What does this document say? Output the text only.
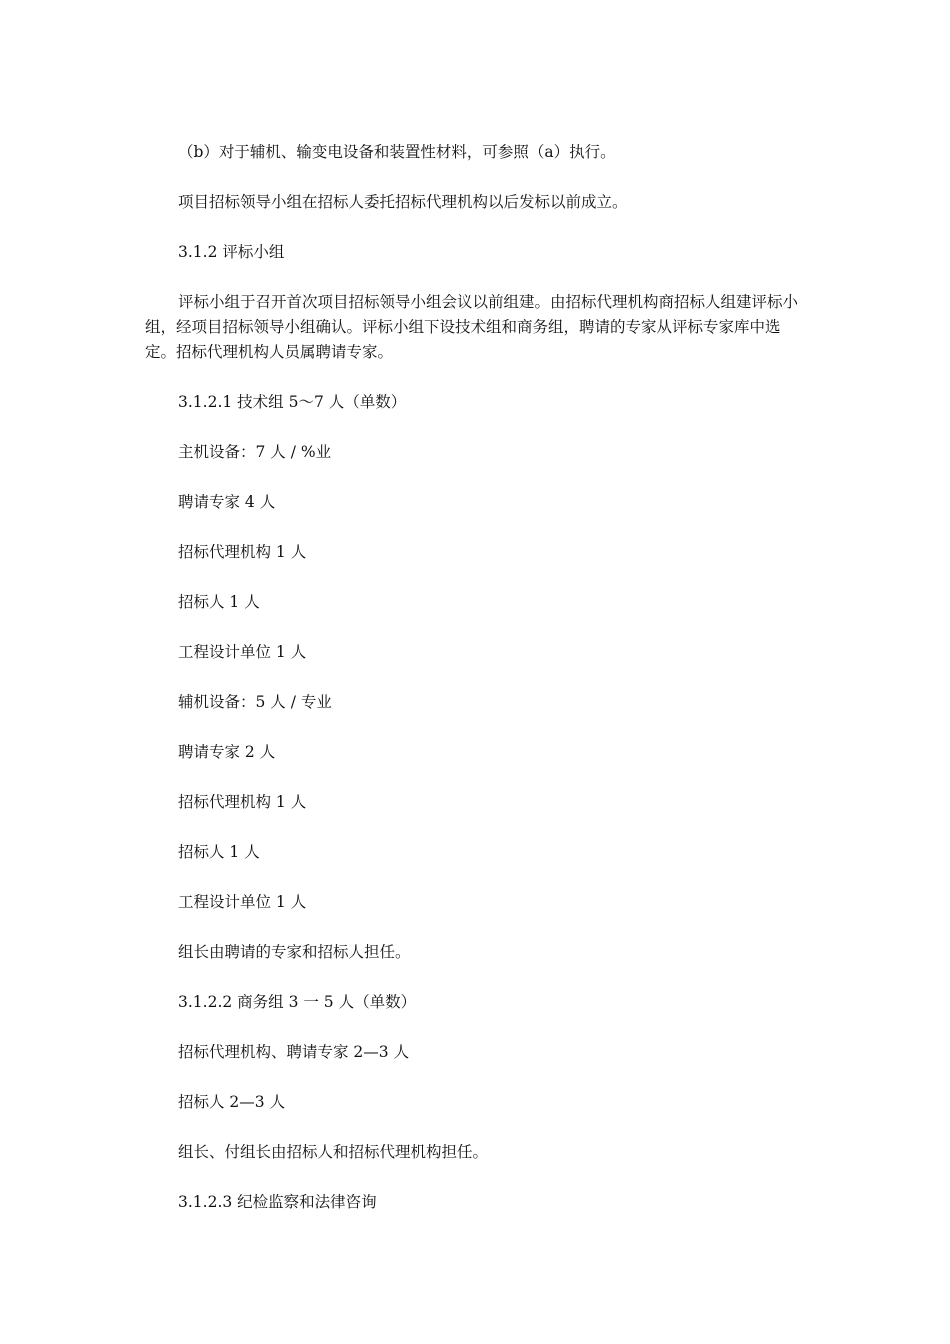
（b）对于辅机、输变电设备和装置性材料，可参照（a）执行。

项目招标领导小组在招标人委托招标代理机构以后发标以前成立。

3.1.2 评标小组

评标小组于召开首次项目招标领导小组会议以前组建。由招标代理机构商招标人组建评标小组，经项目招标领导小组确认。评标小组下设技术组和商务组，聘请的专家从评标专家库中选定。招标代理机构人员属聘请专家。

3.1.2.1 技术组 5～7 人（单数）

主机设备：7 人 / %业

聘请专家 4 人

招标代理机构 1 人

招标人 1 人

工程设计单位 1 人

辅机设备：5 人 / 专业

聘请专家 2 人

招标代理机构 1 人

招标人 1 人

工程设计单位 1 人

组长由聘请的专家和招标人担任。

3.1.2.2 商务组 3 一 5 人（单数）

招标代理机构、聘请专家 2—3 人

招标人 2—3 人

组长、付组长由招标人和招标代理机构担任。

3.1.2.3 纪检监察和法律咨询
